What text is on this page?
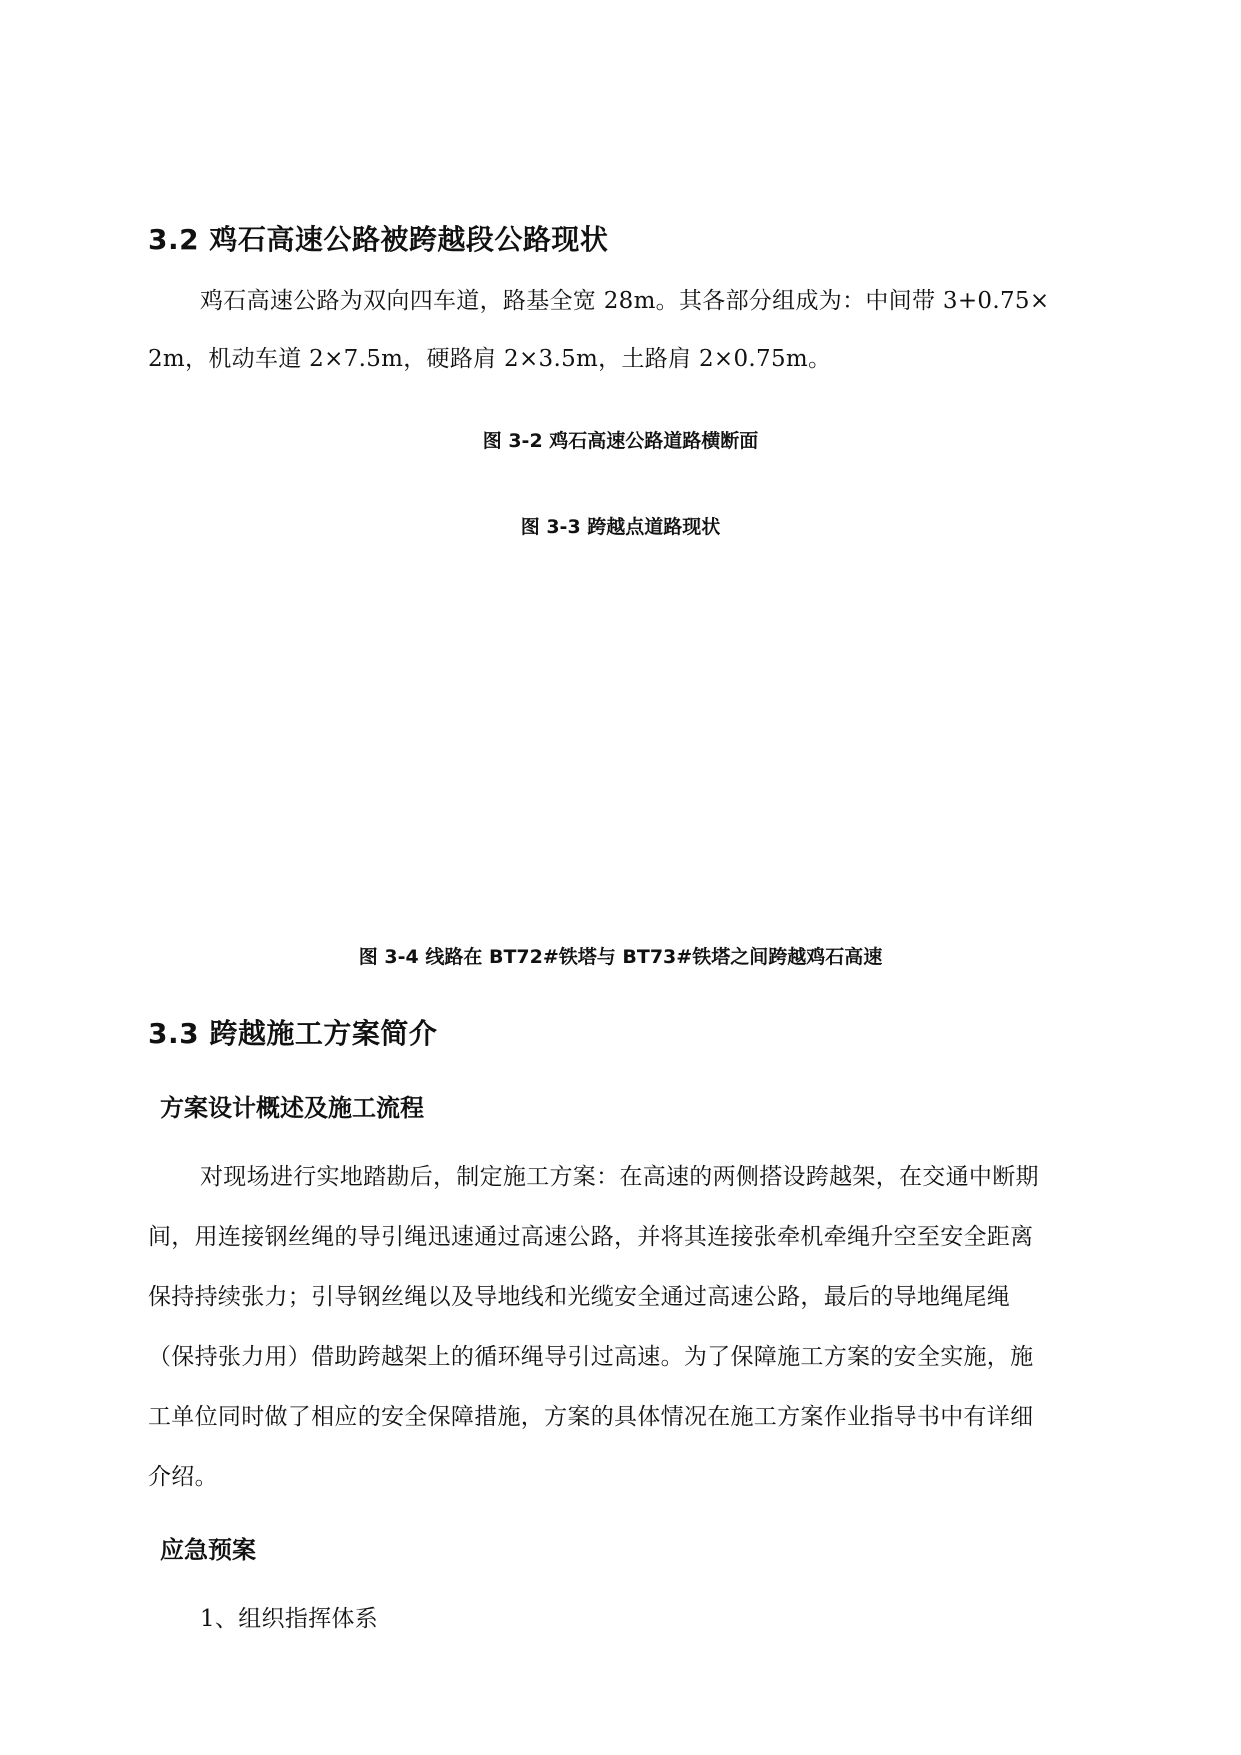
3.2 鸡石高速公路被跨越段公路现状
鸡石高速公路为双向四车道，路基全宽 28m。其各部分组成为：中间带 3+0.75×
2m，机动车道 2×7.5m，硬路肩 2×3.5m，土路肩 2×0.75m。
图 3-2 鸡石高速公路道路横断面
图 3-3 跨越点道路现状
图 3-4 线路在 BT72#铁塔与 BT73#铁塔之间跨越鸡石高速
3.3 跨越施工方案简介
方案设计概述及施工流程
对现场进行实地踏勘后，制定施工方案：在高速的两侧搭设跨越架，在交通中断期
间，用连接钢丝绳的导引绳迅速通过高速公路，并将其连接张牵机牵绳升空至安全距离
保持持续张力；引导钢丝绳以及导地线和光缆安全通过高速公路，最后的导地绳尾绳
（保持张力用）借助跨越架上的循环绳导引过高速。为了保障施工方案的安全实施，施
工单位同时做了相应的安全保障措施，方案的具体情况在施工方案作业指导书中有详细
介绍。
应急预案
1、组织指挥体系
